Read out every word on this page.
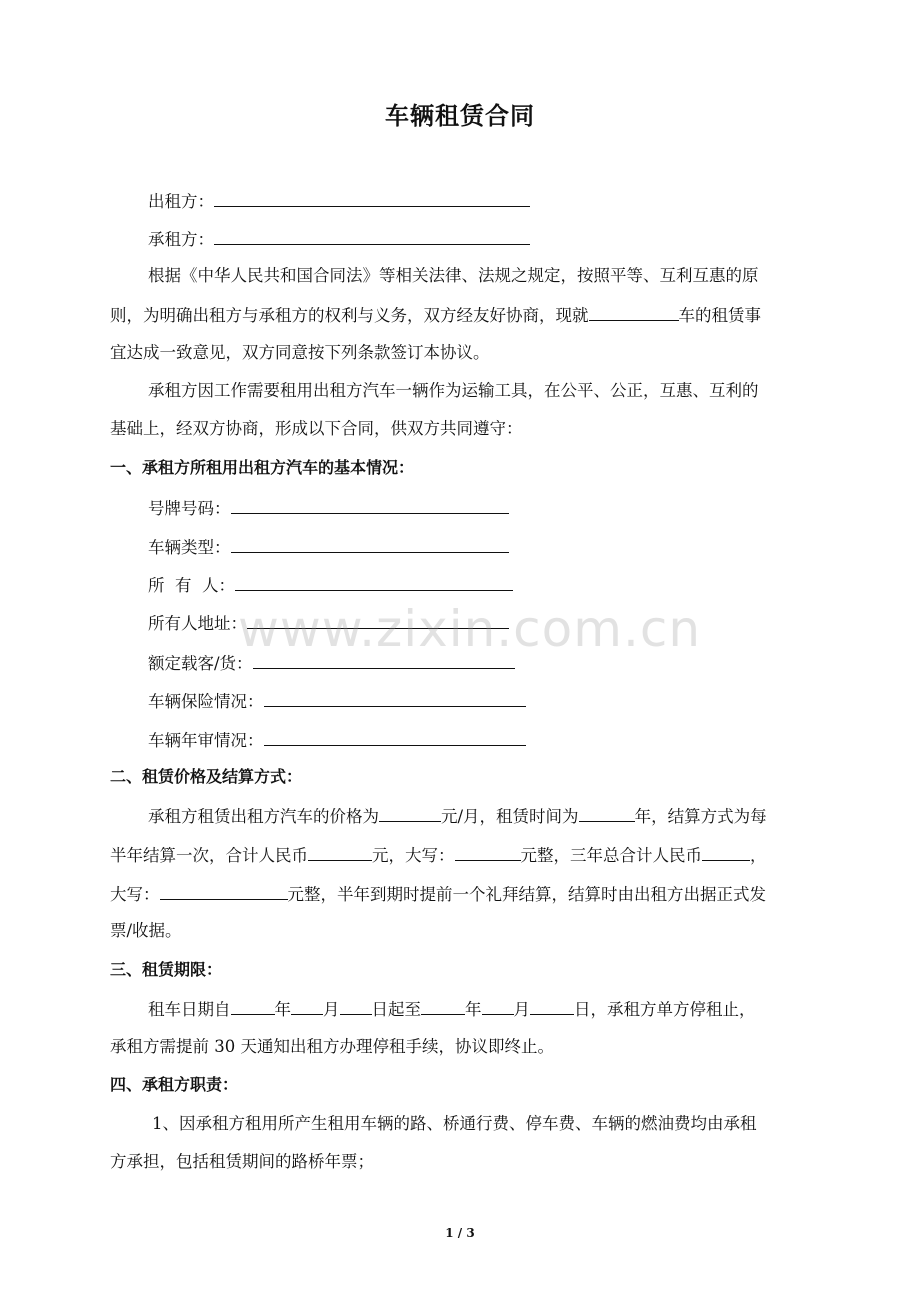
车辆租赁合同
出租方：
承租方：
根据《中华人民共和国合同法》等相关法律、法规之规定，按照平等、互利互惠的原
则，为明确出租方与承租方的权利与义务，双方经友好协商，现就	车的租赁事
宜达成一致意见，双方同意按下列条款签订本协议。
承租方因工作需要租用出租方汽车一辆作为运输工具，在公平、公正，互惠、互利的
基础上，经双方协商，形成以下合同，供双方共同遵守：
一、承租方所租用出租方汽车的基本情况：
号牌号码：
车辆类型：
所  有  人：
所有人地址：
额定载客/货：
车辆保险情况：
车辆年审情况：
二、租赁价格及结算方式：
承租方租赁出租方汽车的价格为	元/月，租赁时间为	年，结算方式为每
半年结算一次，合计人民币	元，大写：	元整，三年总合计人民币	，
大写：	元整，半年到期时提前一个礼拜结算，结算时由出租方出据正式发
票/收据。
三、租赁期限：
租车日期自	年 月 日起至	年 月	日，承租方单方停租止，
承租方需提前 30 天通知出租方办理停租手续，协议即终止。
四、承租方职责：
1、因承租方租用所产生租用车辆的路、桥通行费、停车费、车辆的燃油费均由承租
方承担，包括租赁期间的路桥年票；
www.zixin.com.cn
1 / 3
